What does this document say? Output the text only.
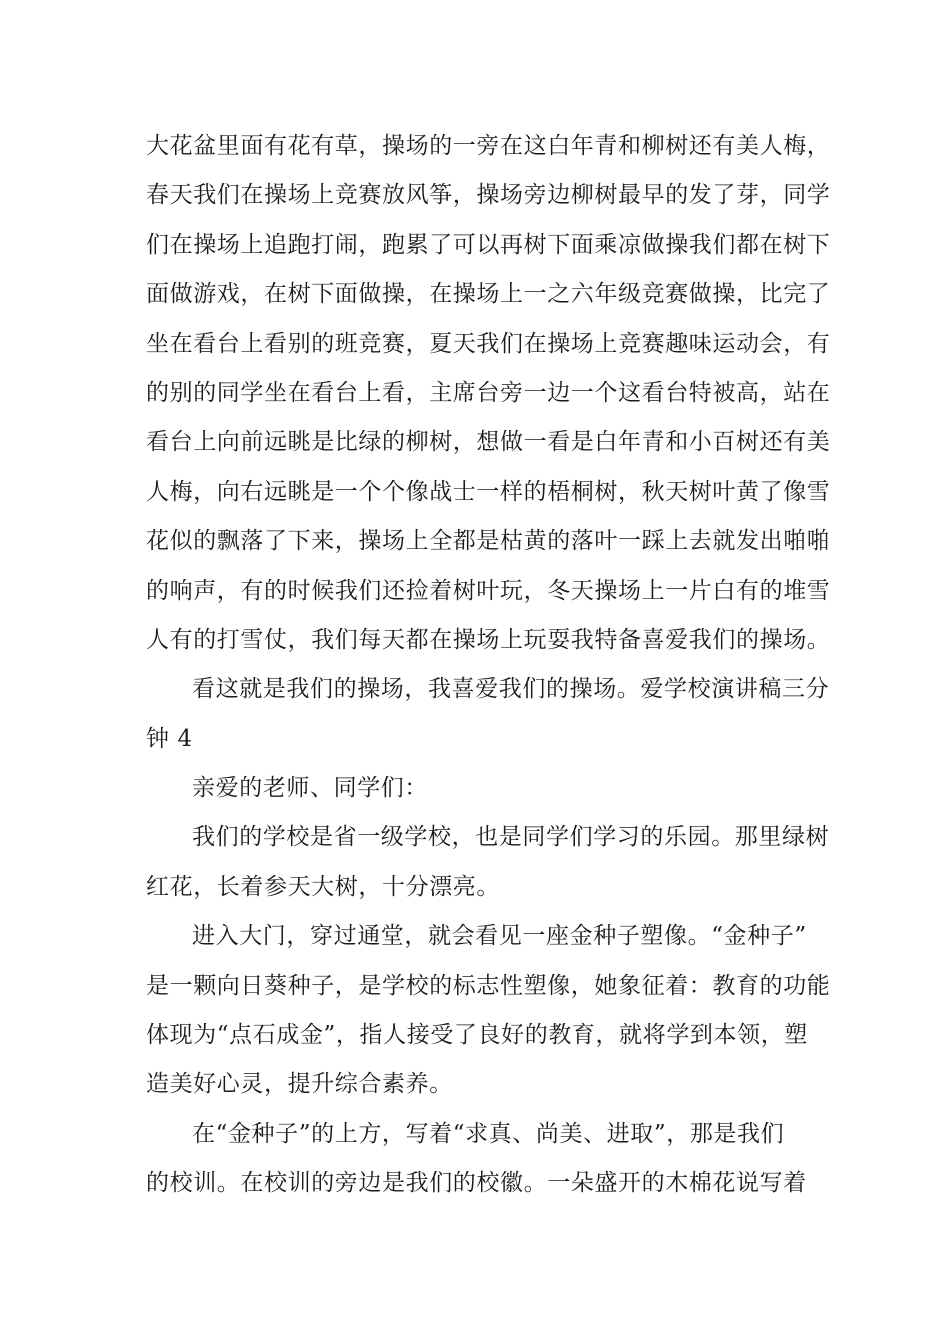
大花盆里面有花有草，操场的一旁在这白年青和柳树还有美人梅，
春天我们在操场上竞赛放风筝，操场旁边柳树最早的发了芽，同学
们在操场上追跑打闹，跑累了可以再树下面乘凉做操我们都在树下
面做游戏，在树下面做操，在操场上一之六年级竞赛做操，比完了
坐在看台上看别的班竞赛，夏天我们在操场上竞赛趣味运动会，有
的别的同学坐在看台上看，主席台旁一边一个这看台特被高，站在
看台上向前远眺是比绿的柳树，想做一看是白年青和小百树还有美
人梅，向右远眺是一个个像战士一样的梧桐树，秋天树叶黄了像雪
花似的飘落了下来，操场上全都是枯黄的落叶一踩上去就发出啪啪
的响声，有的时候我们还捡着树叶玩，冬天操场上一片白有的堆雪
人有的打雪仗，我们每天都在操场上玩耍我特备喜爱我们的操场。
看这就是我们的操场，我喜爱我们的操场。爱学校演讲稿三分
钟 4
亲爱的老师、同学们：
我们的学校是省一级学校，也是同学们学习的乐园。那里绿树
红花，长着参天大树，十分漂亮。
进入大门，穿过通堂，就会看见一座金种子塑像。“金种子”
是一颗向日葵种子，是学校的标志性塑像，她象征着：教育的功能
体现为“点石成金”，指人接受了良好的教育，就将学到本领，塑
造美好心灵，提升综合素养。
在“金种子”的上方，写着“求真、尚美、进取”，那是我们
的校训。在校训的旁边是我们的校徽。一朵盛开的木棉花说写着
